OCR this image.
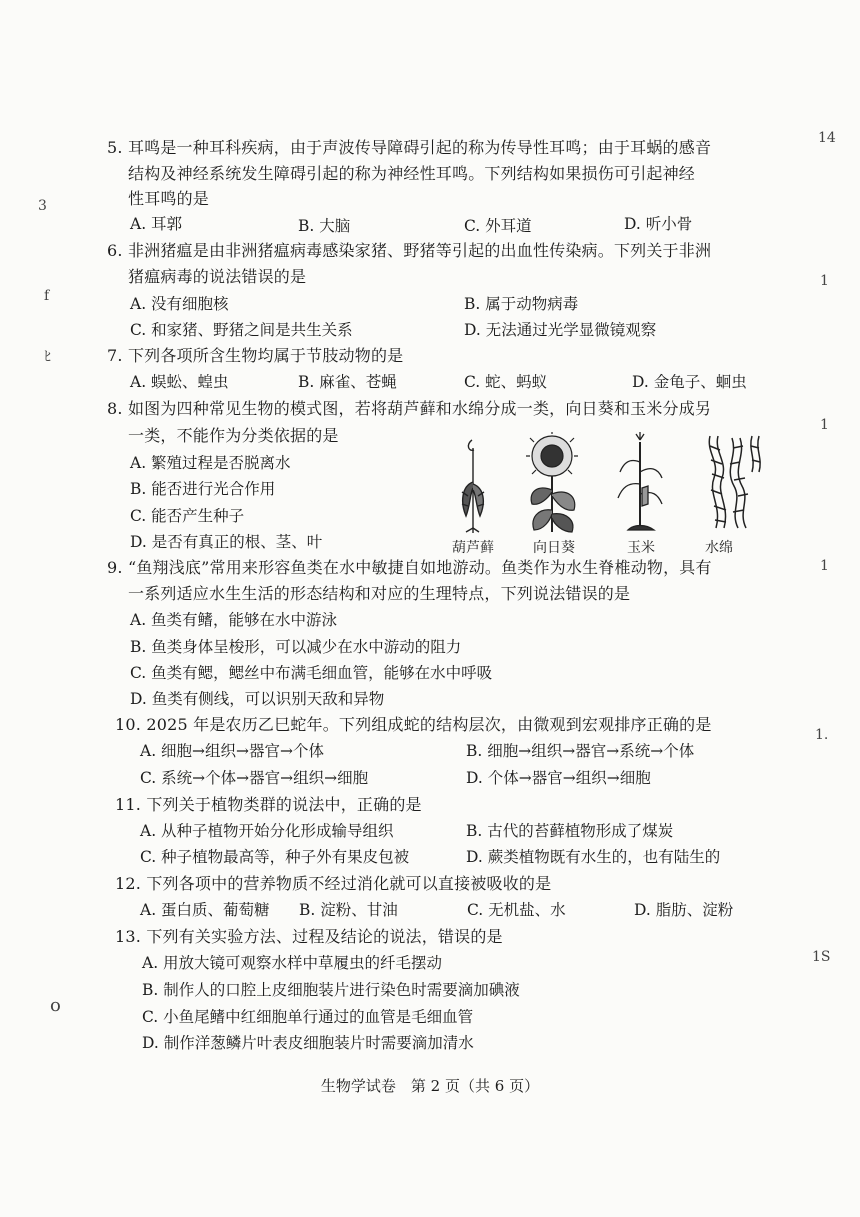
3
f
ﾋ
o
14
1
1
1
1.
1S
5. 耳鸣是一种耳科疾病，由于声波传导障碍引起的称为传导性耳鸣；由于耳蜗的感音
结构及神经系统发生障碍引起的称为神经性耳鸣。下列结构如果损伤可引起神经
性耳鸣的是
A. 耳郭	B. 大脑	C. 外耳道	D. 听小骨
6. 非洲猪瘟是由非洲猪瘟病毒感染家猪、野猪等引起的出血性传染病。下列关于非洲
猪瘟病毒的说法错误的是
A. 没有细胞核	B. 属于动物病毒
C. 和家猪、野猪之间是共生关系	D. 无法通过光学显微镜观察
7. 下列各项所含生物均属于节肢动物的是
A. 蜈蚣、蝗虫	B. 麻雀、苍蝇	C. 蛇、蚂蚁	D. 金龟子、蛔虫
8. 如图为四种常见生物的模式图，若将葫芦藓和水绵分成一类，向日葵和玉米分成另
一类，不能作为分类依据的是
A. 繁殖过程是否脱离水
B. 能否进行光合作用
C. 能否产生种子
D. 是否有真正的根、茎、叶	葫芦藓	向日葵	玉米	水绵
9. “鱼翔浅底”常用来形容鱼类在水中敏捷自如地游动。鱼类作为水生脊椎动物，具有
一系列适应水生生活的形态结构和对应的生理特点，下列说法错误的是
A. 鱼类有鳍，能够在水中游泳
B. 鱼类身体呈梭形，可以减少在水中游动的阻力
C. 鱼类有鳃，鳃丝中布满毛细血管，能够在水中呼吸
D. 鱼类有侧线，可以识别天敌和异物
10. 2025 年是农历乙巳蛇年。下列组成蛇的结构层次，由微观到宏观排序正确的是
A. 细胞→组织→器官→个体	B. 细胞→组织→器官→系统→个体
C. 系统→个体→器官→组织→细胞	D. 个体→器官→组织→细胞
11. 下列关于植物类群的说法中，正确的是
A. 从种子植物开始分化形成输导组织	B. 古代的苔藓植物形成了煤炭
C. 种子植物最高等，种子外有果皮包被	D. 蕨类植物既有水生的，也有陆生的
12. 下列各项中的营养物质不经过消化就可以直接被吸收的是
A. 蛋白质、葡萄糖 B. 淀粉、甘油	C. 无机盐、水	D. 脂肪、淀粉
13. 下列有关实验方法、过程及结论的说法，错误的是
A. 用放大镜可观察水样中草履虫的纤毛摆动
B. 制作人的口腔上皮细胞装片进行染色时需要滴加碘液
C. 小鱼尾鳍中红细胞单行通过的血管是毛细血管
D. 制作洋葱鳞片叶表皮细胞装片时需要滴加清水
生物学试卷　第 2 页（共 6 页）
